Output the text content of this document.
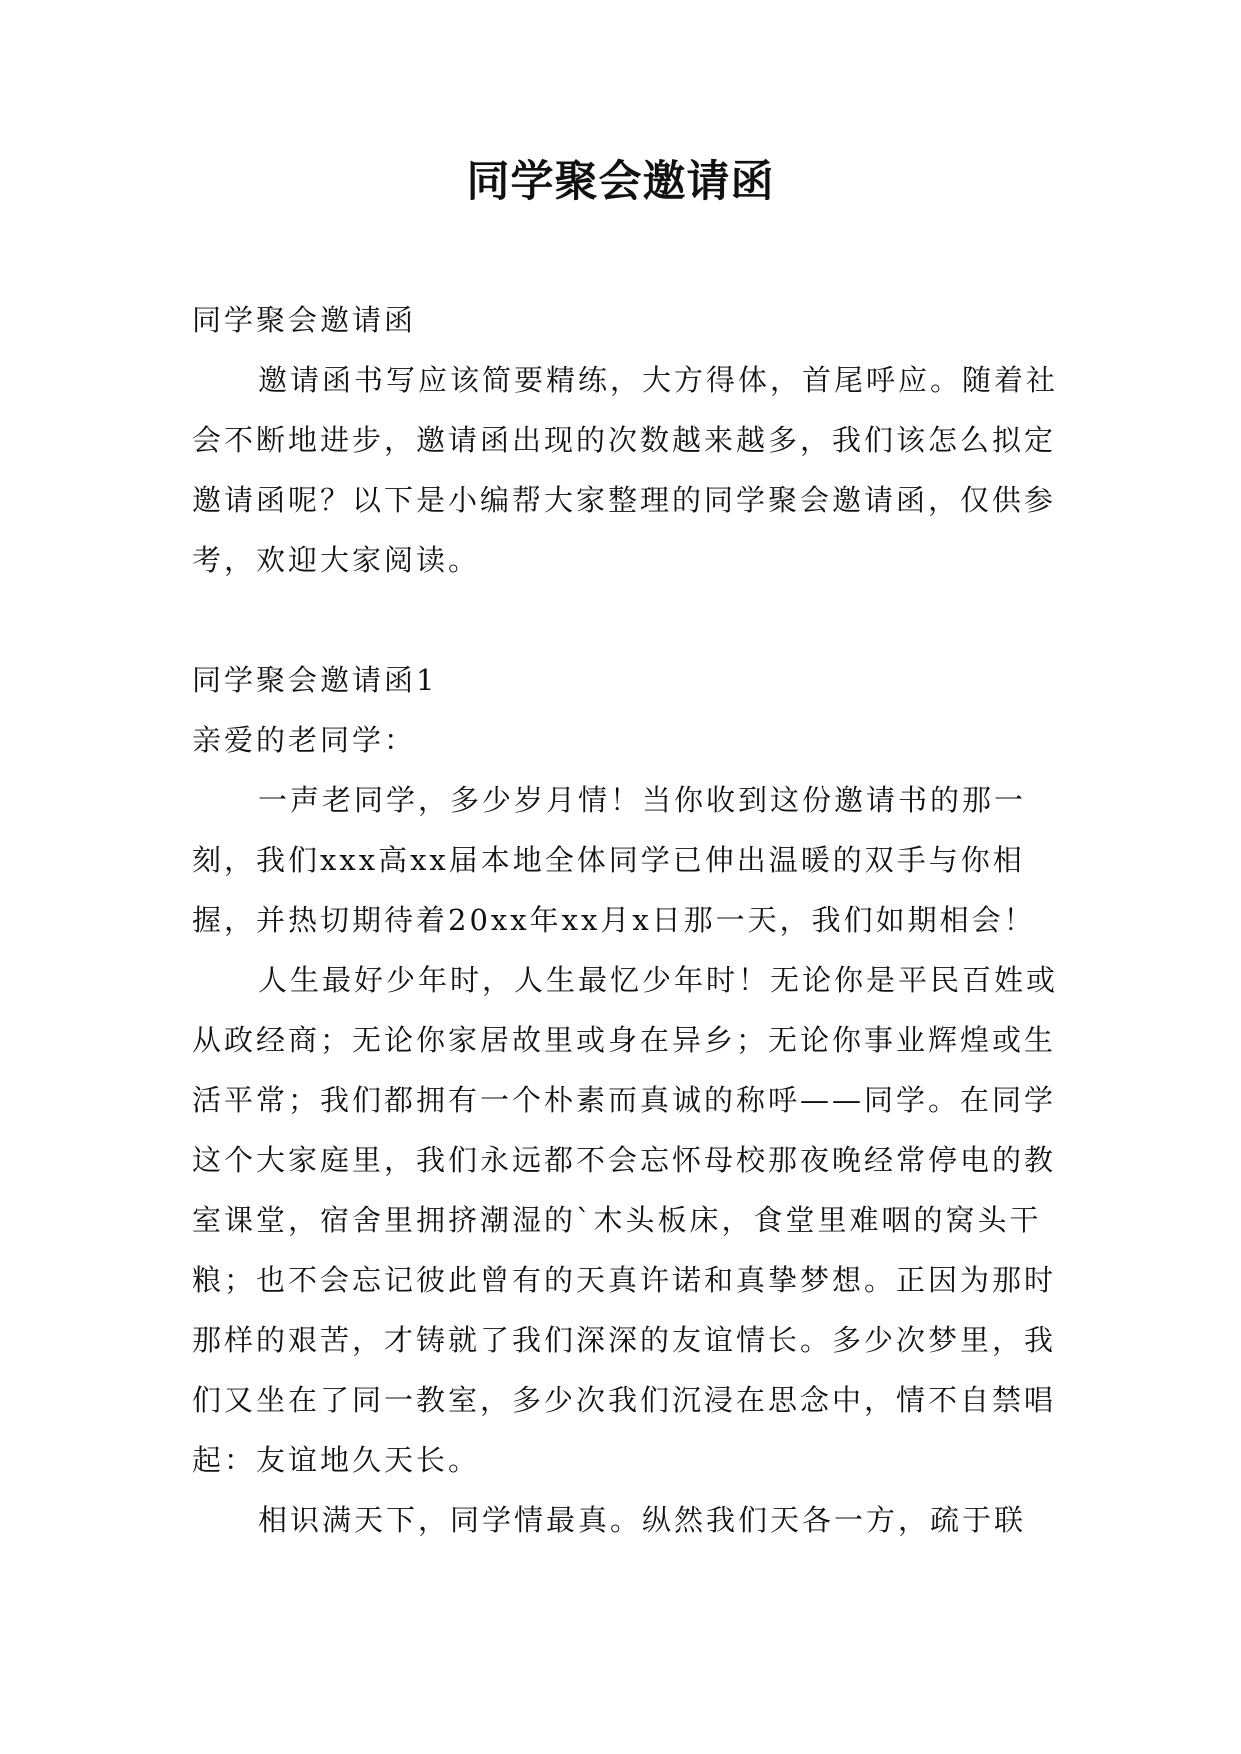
同学聚会邀请函

同学聚会邀请函

邀请函书写应该简要精练，大方得体，首尾呼应。随着社会不断地进步，邀请函出现的次数越来越多，我们该怎么拟定邀请函呢？以下是小编帮大家整理的同学聚会邀请函，仅供参考，欢迎大家阅读。

同学聚会邀请函1

亲爱的老同学：

一声老同学，多少岁月情！当你收到这份邀请书的那一刻，我们xxx高xx届本地全体同学已伸出温暖的双手与你相握，并热切期待着20xx年xx月x日那一天，我们如期相会！

人生最好少年时，人生最忆少年时！无论你是平民百姓或从政经商；无论你家居故里或身在异乡；无论你事业辉煌或生活平常；我们都拥有一个朴素而真诚的称呼——同学。在同学这个大家庭里，我们永远都不会忘怀母校那夜晚经常停电的教室课堂，宿舍里拥挤潮湿的`木头板床，食堂里难咽的窝头干粮；也不会忘记彼此曾有的天真许诺和真挚梦想。正因为那时那样的艰苦，才铸就了我们深深的友谊情长。多少次梦里，我们又坐在了同一教室，多少次我们沉浸在思念中，情不自禁唱起：友谊地久天长。

相识满天下，同学情最真。纵然我们天各一方，疏于联
